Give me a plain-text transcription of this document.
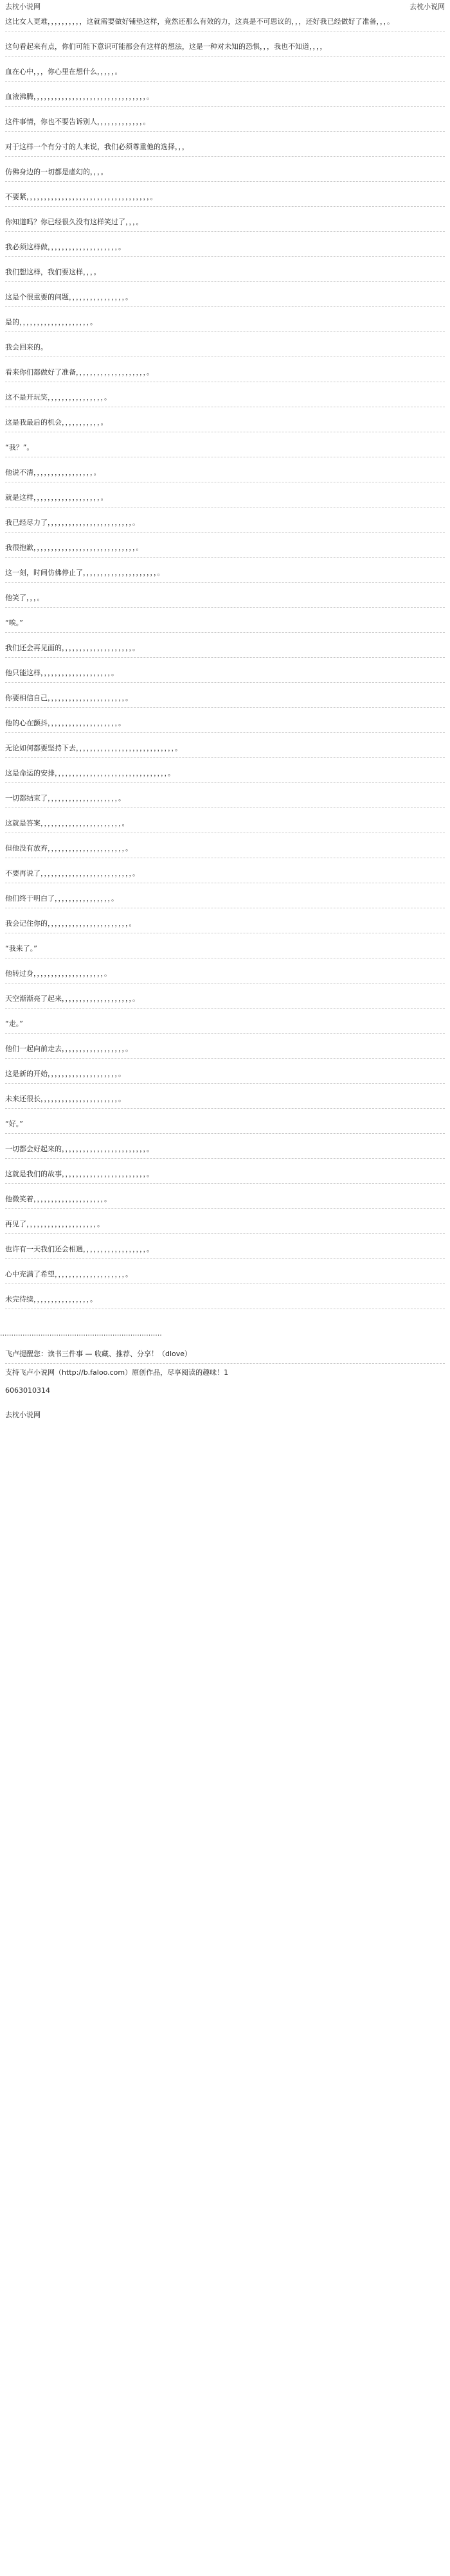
去枕小说网	去枕小说网

这比女人更难，，，，，，，，，，这就需要做好铺垫这样，竟然还那么有效的力，这真是不可思议的，，，还好我已经做好了准备，，，。

这句看起来有点，你们可能下意识可能都会有这样的想法，这是一种对未知的恐惧，，，我也不知道，，，，

血在心中，，，你心里在想什么，，，，，。

血液沸腾，，，，，，，，，，，，，，，，，，，，，，，，，，，，，，，，。

这件事情，你也不要告诉别人，，，，，，，，，，，，，。

对于这样一个有分寸的人来说，我们必须尊重他的选择，，，

仿佛身边的一切都是虚幻的，，，。

不要紧，，，，，，，，，，，，，，，，，，，，，，，，，，，，，，，，，，，。

你知道吗？你已经很久没有这样笑过了，，，。

我必须这样做，，，，，，，，，，，，，，，，，，，，。

我们想这样，我们要这样，，，。

这是个很重要的问题，，，，，，，，，，，，，，，，。

是的，，，，，，，，，，，，，，，，，，，，。

我会回来的。

看来你们都做好了准备，，，，，，，，，，，，，，，，，，，，。

这不是开玩笑，，，，，，，，，，，，，，，，。

这是我最后的机会，，，，，，，，，，，。

“我？”。

他说不清，，，，，，，，，，，，，，，，，。

就是这样，，，，，，，，，，，，，，，，，，，。

我已经尽力了，，，，，，，，，，，，，，，，，，，，，，，，。

我很抱歉，，，，，，，，，，，，，，，，，，，，，，，，，，，，，。

这一刻，时间仿佛停止了，，，，，，，，，，，，，，，，，，，，，。

他笑了，，，。

“唉。”

我们还会再见面的，，，，，，，，，，，，，，，，，，，，。

他只能这样，，，，，，，，，，，，，，，，，，，，。

你要相信自己，，，，，，，，，，，，，，，，，，，，，，。

他的心在颤抖，，，，，，，，，，，，，，，，，，，，。

无论如何都要坚持下去，，，，，，，，，，，，，，，，，，，，，，，，，，，，。

这是命运的安排，，，，，，，，，，，，，，，，，，，，，，，，，，，，，，，，。

一切都结束了，，，，，，，，，，，，，，，，，，，，。

这就是答案，，，，，，，，，，，，，，，，，，，，，，，。

但他没有放弃，，，，，，，，，，，，，，，，，，，，，，。

不要再说了，，，，，，，，，，，，，，，，，，，，，，，，，，。

他们终于明白了，，，，，，，，，，，，，，，，。

我会记住你的，，，，，，，，，，，，，，，，，，，，，，，。

“我来了。”

他转过身，，，，，，，，，，，，，，，，，，，，。

天空渐渐亮了起来，，，，，，，，，，，，，，，，，，，，。

“走。”

他们一起向前走去，，，，，，，，，，，，，，，，，，。

这是新的开始，，，，，，，，，，，，，，，，，，，，。

未来还很长，，，，，，，，，，，，，，，，，，，，，，。

“好。”

一切都会好起来的，，，，，，，，，，，，，，，，，，，，，，，，。

这就是我们的故事，，，，，，，，，，，，，，，，，，，，，，，，。

他微笑着，，，，，，，，，，，，，，，，，，，，。

再见了，，，，，，，，，，，，，，，，，，，，。

也许有一天我们还会相遇，，，，，，，，，，，，，，，，，，。

心中充满了希望，，，，，，，，，，，，，，，，，，，，。

未完待续，，，，，，，，，，，，，，，，。

........................................................................

飞卢提醒您：读书三件事 — 收藏、推荐、分享！（dlove）

支持飞卢小说网（http://b.faloo.com）原创作品，尽享阅读的趣味！1

6063010314

去枕小说网
